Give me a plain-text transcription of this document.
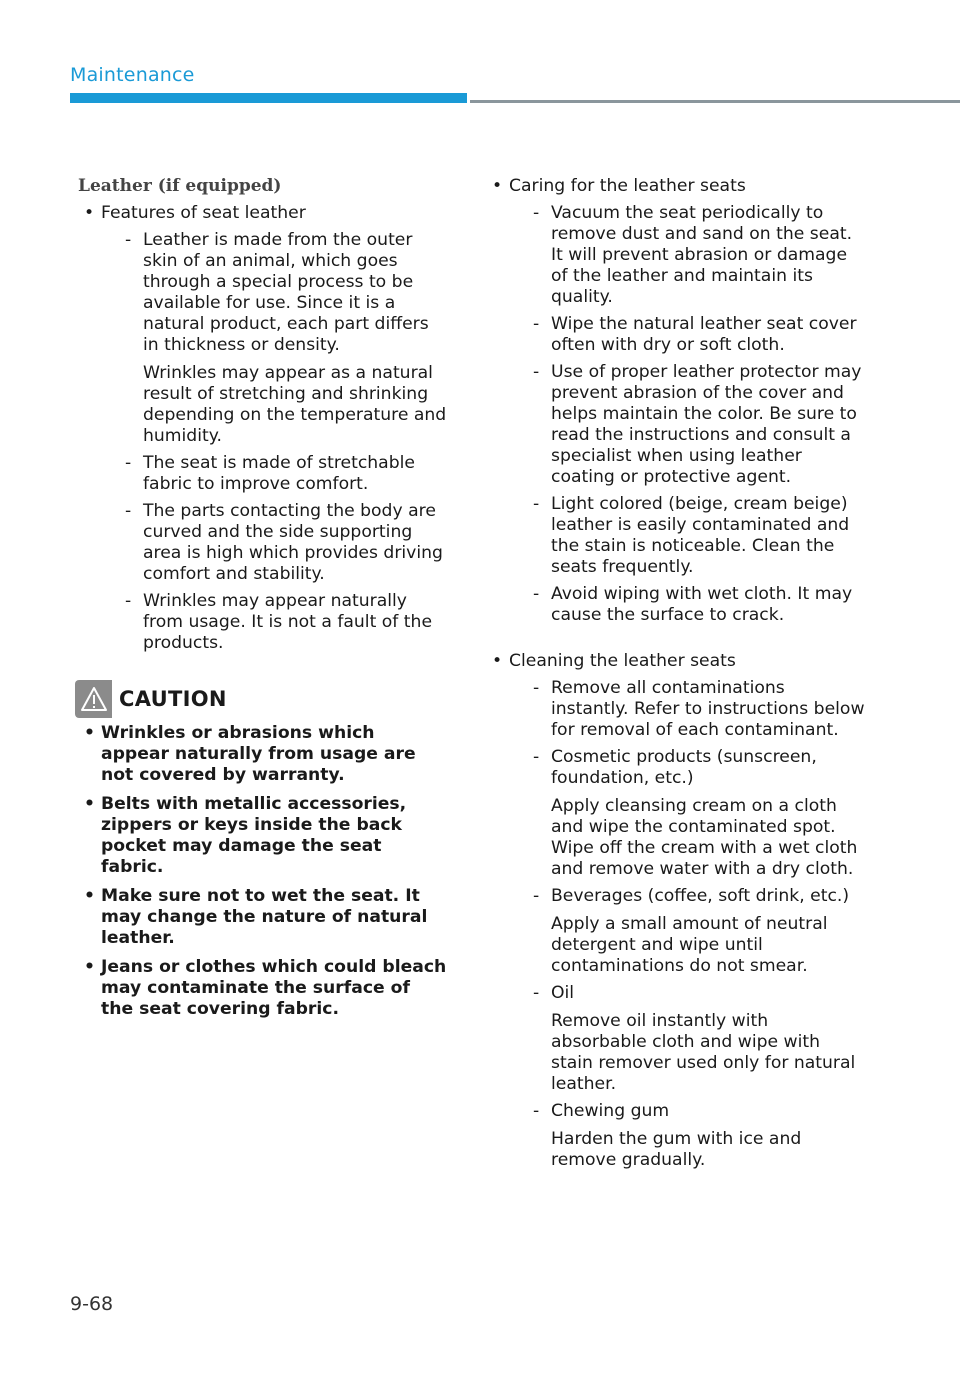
Maintenance
Leather (if equipped)
• Features of seat leather
- Leather is made from the outer skin of an animal, which goes through a special process to be available for use. Since it is a natural product, each part differs in thickness or density.
Wrinkles may appear as a natural result of stretching and shrinking depending on the temperature and humidity.
- The seat is made of stretchable fabric to improve comfort.
- The parts contacting the body are curved and the side supporting area is high which provides driving comfort and stability.
- Wrinkles may appear naturally from usage. It is not a fault of the products.
CAUTION
• Wrinkles or abrasions which appear naturally from usage are not covered by warranty.
• Belts with metallic accessories, zippers or keys inside the back pocket may damage the seat fabric.
• Make sure not to wet the seat. It may change the nature of natural leather.
• Jeans or clothes which could bleach may contaminate the surface of the seat covering fabric.
• Caring for the leather seats
- Vacuum the seat periodically to remove dust and sand on the seat. It will prevent abrasion or damage of the leather and maintain its quality.
- Wipe the natural leather seat cover often with dry or soft cloth.
- Use of proper leather protector may prevent abrasion of the cover and helps maintain the color. Be sure to read the instructions and consult a specialist when using leather coating or protective agent.
- Light colored (beige, cream beige) leather is easily contaminated and the stain is noticeable. Clean the seats frequently.
- Avoid wiping with wet cloth. It may cause the surface to crack.
• Cleaning the leather seats
- Remove all contaminations instantly. Refer to instructions below for removal of each contaminant.
- Cosmetic products (sunscreen, foundation, etc.)
Apply cleansing cream on a cloth and wipe the contaminated spot. Wipe off the cream with a wet cloth and remove water with a dry cloth.
- Beverages (coffee, soft drink, etc.)
Apply a small amount of neutral detergent and wipe until contaminations do not smear.
- Oil
Remove oil instantly with absorbable cloth and wipe with stain remover used only for natural leather.
- Chewing gum
Harden the gum with ice and remove gradually.
9-68
